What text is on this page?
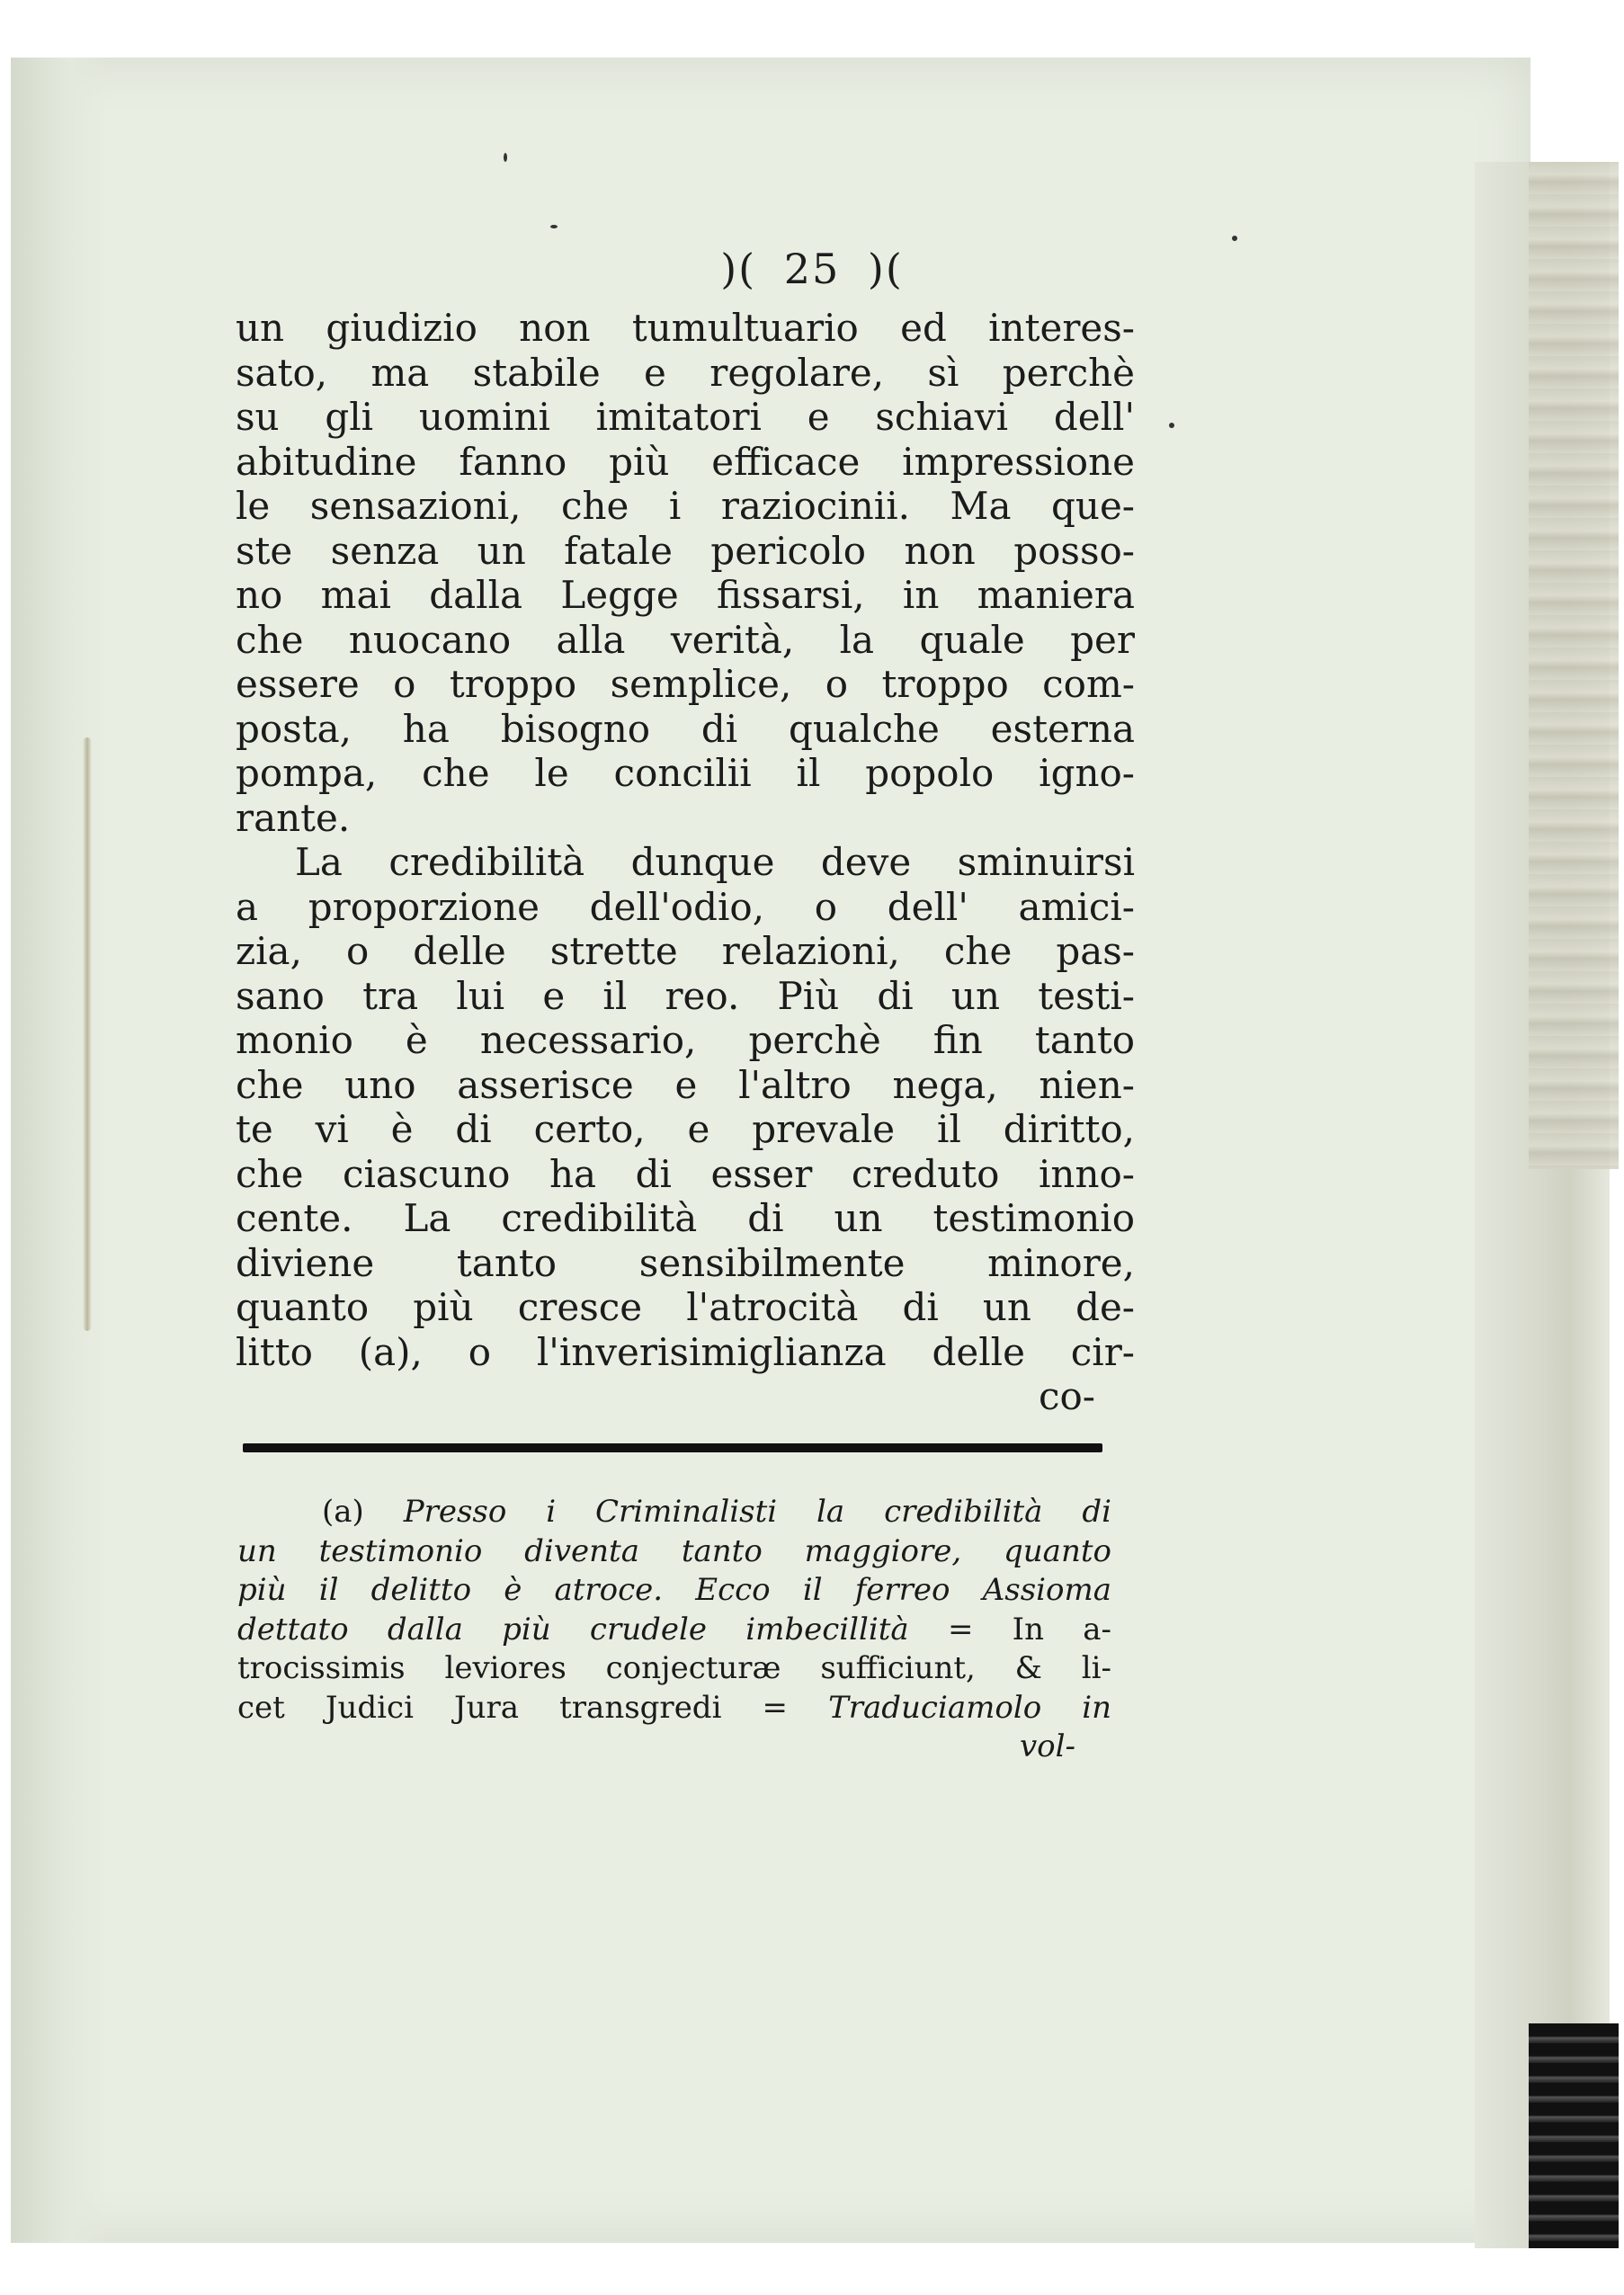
)( 25 )(
un giudizio non tumultuario ed interes-
sato, ma stabile e regolare, sì perchè
su gli uomini imitatori e schiavi dell'
abitudine fanno più efficace impressione
le sensazioni, che i raziocinii. Ma que-
ste senza un fatale pericolo non posso-
no mai dalla Legge fissarsi, in maniera
che nuocano alla verità, la quale per
essere o troppo semplice, o troppo com-
posta, ha bisogno di qualche esterna
pompa, che le concilii il popolo igno-
rante.
La credibilità dunque deve sminuirsi
a proporzione dell'odio, o dell' amici-
zia, o delle strette relazioni, che pas-
sano tra lui e il reo. Più di un testi-
monio è necessario, perchè fin tanto
che uno asserisce e l'altro nega, nien-
te vi è di certo, e prevale il diritto,
che ciascuno ha di esser creduto inno-
cente. La credibilità di un testimonio
diviene tanto sensibilmente minore,
quanto più cresce l'atrocità di un de-
litto (a), o l'inverisimiglianza delle cir-
co-
(a) Presso i Criminalisti la credibilità di
un testimonio diventa tanto maggiore, quanto
più il delitto è atroce. Ecco il ferreo Assioma
dettato dalla più crudele imbecillità = In a-
trocissimis leviores conjecturæ sufficiunt, & li-
cet Judici Jura transgredi = Traduciamolo in
vol-
